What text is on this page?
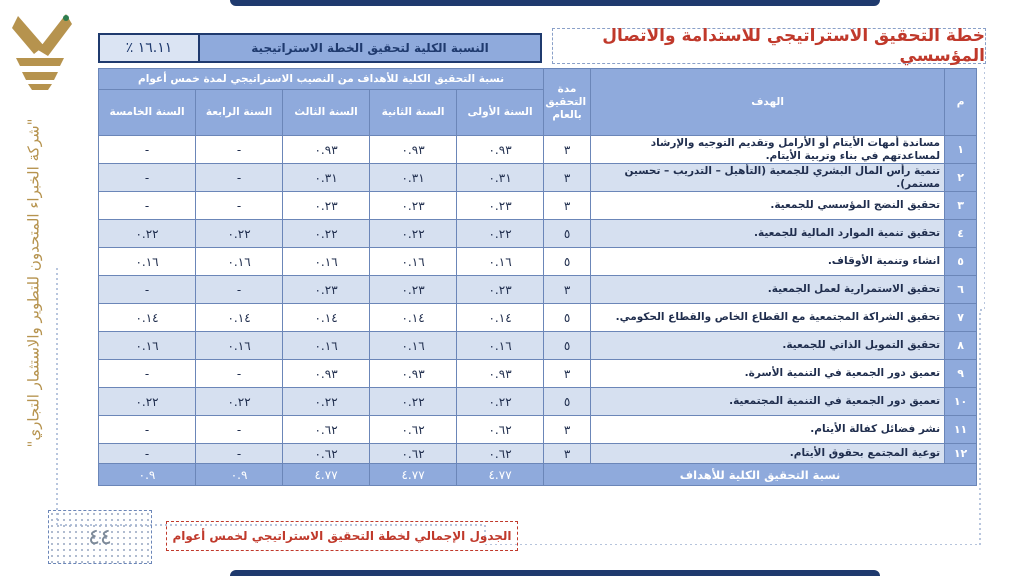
"شركة الخبراء المتحدون للتطوير والاستثمار التجاري"
خطة التحقيق الاستراتيجي للاستدامة والاتصال المؤسسي
النسبة الكلية لتحقيق الخطة الاستراتيجية
١٦.١١ ٪
م	الهدف	مدة التحقيق بالعام	نسبة التحقيق الكلية للأهداف من النصيب الاستراتيجي لمدة خمس أعوام				
			السنة الأولى	السنة الثانية	السنة الثالث	السنة الرابعة	السنة الخامسة
١	مساندة أمهات الأيتام أو الأرامل وتقديم التوجيه والإرشاد لمساعدتهم في بناء وتربية الأيتام.	٣	٠.٩٣	٠.٩٣	٠.٩٣	-	-
٢	تنمية رأس المال البشري للجمعية (التأهيل – التدريب – تحسين مستمر).	٣	٠.٣١	٠.٣١	٠.٣١	-	-
٣	تحقيق النضج المؤسسي للجمعية.	٣	٠.٢٣	٠.٢٣	٠.٢٣	-	-
٤	تحقيق تنمية الموارد المالية للجمعية.	٥	٠.٢٢	٠.٢٢	٠.٢٢	٠.٢٢	٠.٢٢
٥	انشاء وتنمية الأوقاف.	٥	٠.١٦	٠.١٦	٠.١٦	٠.١٦	٠.١٦
٦	تحقيق الاستمرارية لعمل الجمعية.	٣	٠.٢٣	٠.٢٣	٠.٢٣	-	-
٧	تحقيق الشراكة المجتمعية مع القطاع الخاص والقطاع الحكومي.	٥	٠.١٤	٠.١٤	٠.١٤	٠.١٤	٠.١٤
٨	تحقيق التمويل الذاتي للجمعية.	٥	٠.١٦	٠.١٦	٠.١٦	٠.١٦	٠.١٦
٩	تعميق دور الجمعية في التنمية الأسرة.	٣	٠.٩٣	٠.٩٣	٠.٩٣	-	-
١٠	تعميق دور الجمعية في التنمية المجتمعية.	٥	٠.٢٢	٠.٢٢	٠.٢٢	٠.٢٢	٠.٢٢
١١	نشر فضائل كفالة الأيتام.	٣	٠.٦٢	٠.٦٢	٠.٦٢	-	-
١٢	توعية المجتمع بحقوق الأيتام.	٣	٠.٦٢	٠.٦٢	٠.٦٢	-	-
نسبة التحقيق الكلية للأهداف			٤.٧٧	٤.٧٧	٤.٧٧	٠.٩	٠.٩
٤٤	الجدول الإجمالي لخطة التحقيق الاستراتيجي لخمس أعوام
